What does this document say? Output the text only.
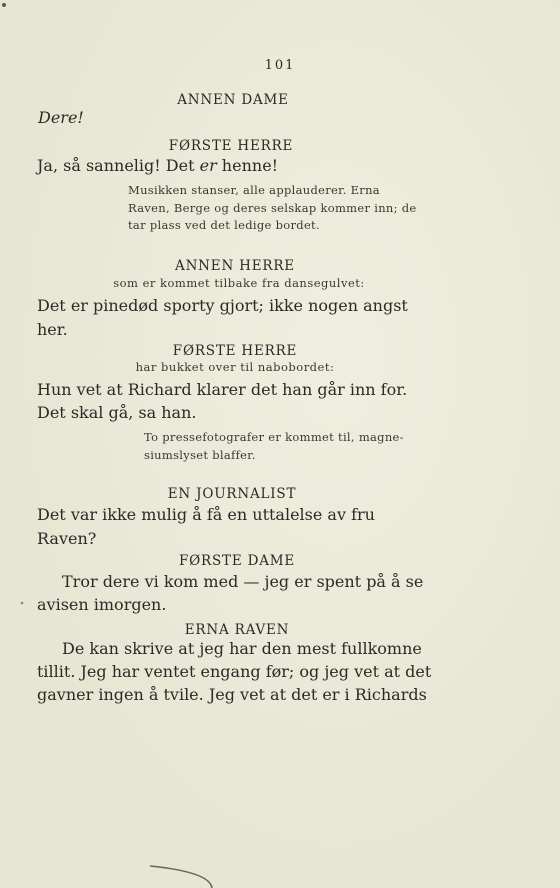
101
ANNEN DAME
Dere!
FØRSTE HERRE
Ja, så sannelig! Det er henne!
Musikken stanser, alle applauderer. Erna
Raven, Berge og deres selskap kommer inn; de
tar plass ved det ledige bordet.
ANNEN HERRE
som er kommet tilbake fra dansegulvet:
Det er pinedød sporty gjort; ikke nogen angst
her.
FØRSTE HERRE
har bukket over til nabobordet:
Hun vet at Richard klarer det han går inn for.
Det skal gå, sa han.
To pressefotografer er kommet til, magne-
siumslyset blaffer.
EN JOURNALIST
Det var ikke mulig å få en uttalelse av fru
Raven?
FØRSTE DAME
Tror dere vi kom med — jeg er spent på å se
avisen imorgen.
ERNA RAVEN
De kan skrive at jeg har den mest fullkomne
tillit. Jeg har ventet engang før; og jeg vet at det
gavner ingen å tvile. Jeg vet at det er i Richards
